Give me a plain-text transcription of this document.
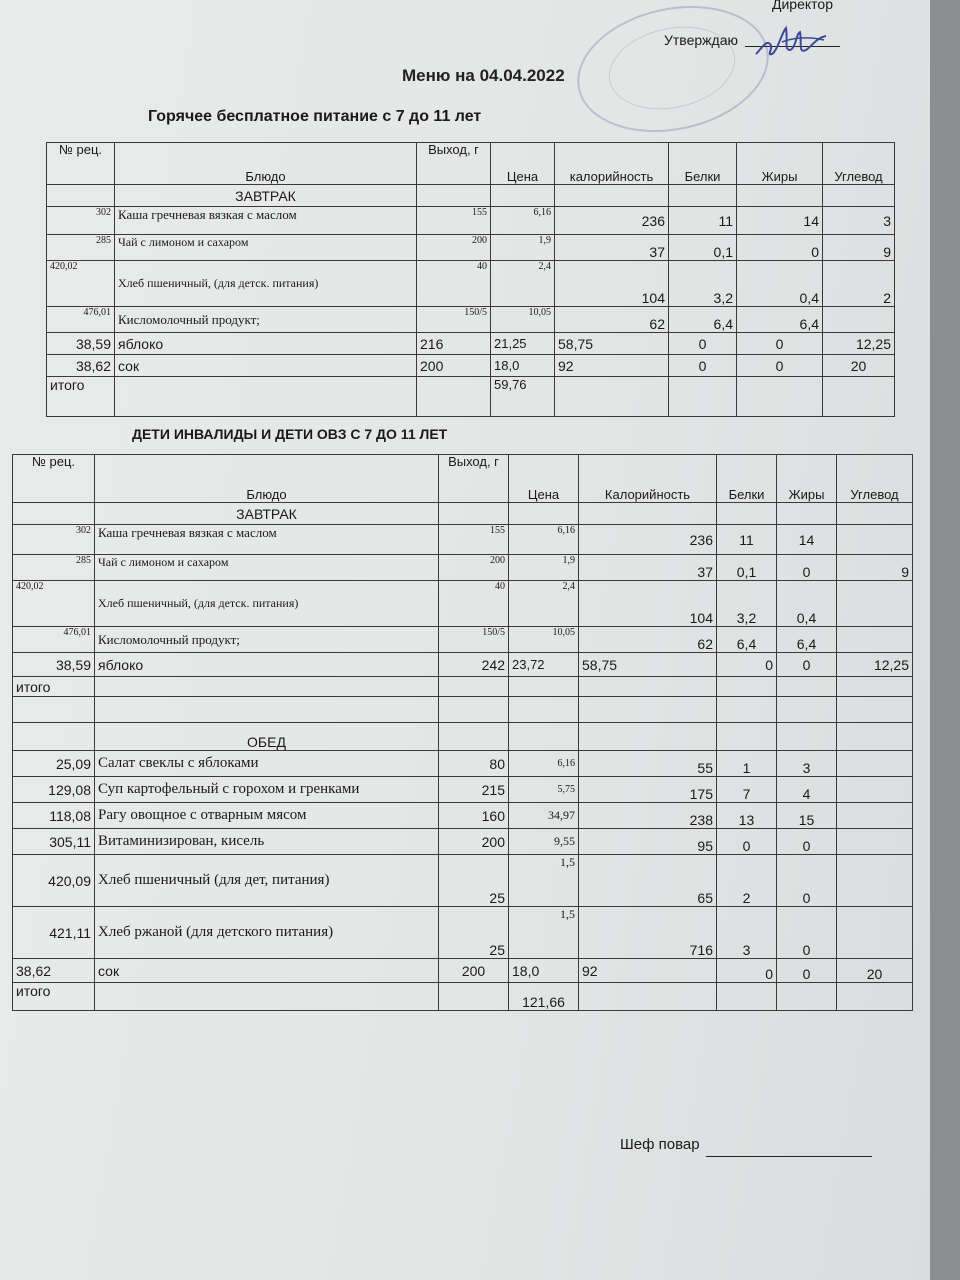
Директор
Утверждаю
Меню на 04.04.2022
Горячее бесплатное питание с 7 до 11 лет
№ рец.	Блюдо	Выход, г	Цена	калорийность	Белки	Жиры	Углевод
	ЗАВТРАК						
302	Каша гречневая вязкая с маслом	155	6,16	236	11	14	3
285	Чай с лимоном и сахаром	200	1,9	37	0,1	0	9
420,02	Хлеб пшеничный, (для детск. питания)	40	2,4	104	3,2	0,4	2
476,01	Кисломолочный продукт;	150/5	10,05	62	6,4	6,4	
38,59	яблоко	216	21,25	58,75	0	0	12,25
38,62	сок	200	18,0	92	0	0	20
итого			59,76				
ДЕТИ ИНВАЛИДЫ И ДЕТИ ОВЗ С 7 ДО 11 ЛЕТ
№ рец.	Блюдо	Выход, г	Цена	Калорийность	Белки	Жиры	Углевод
	ЗАВТРАК						
302	Каша гречневая вязкая с маслом	155	6,16	236	11	14	
285	Чай с лимоном и сахаром	200	1,9	37	0,1	0	9
420,02	Хлеб пшеничный, (для детск. питания)	40	2,4	104	3,2	0,4	
476,01	Кисломолочный продукт;	150/5	10,05	62	6,4	6,4	
38,59	яблоко	242	23,72	58,75	0	0	12,25
итого							

	ОБЕД						
25,09	Салат свеклы с яблоками	80	6,16	55	1	3	
129,08	Суп картофельный с горохом и гренками	215	5,75	175	7	4	
118,08	Рагу овощное с отварным мясом	160	34,97	238	13	15	
305,11	Витаминизирован, кисель	200	9,55	95	0	0	
420,09	Хлеб пшеничный (для дет, питания)	25	1,5	65	2	0	
421,11	Хлеб ржаной (для детского питания)	25	1,5	716	3	0	
38,62	сок	200	18,0	92	0	0	20
итого			121,66				
Шеф повар
